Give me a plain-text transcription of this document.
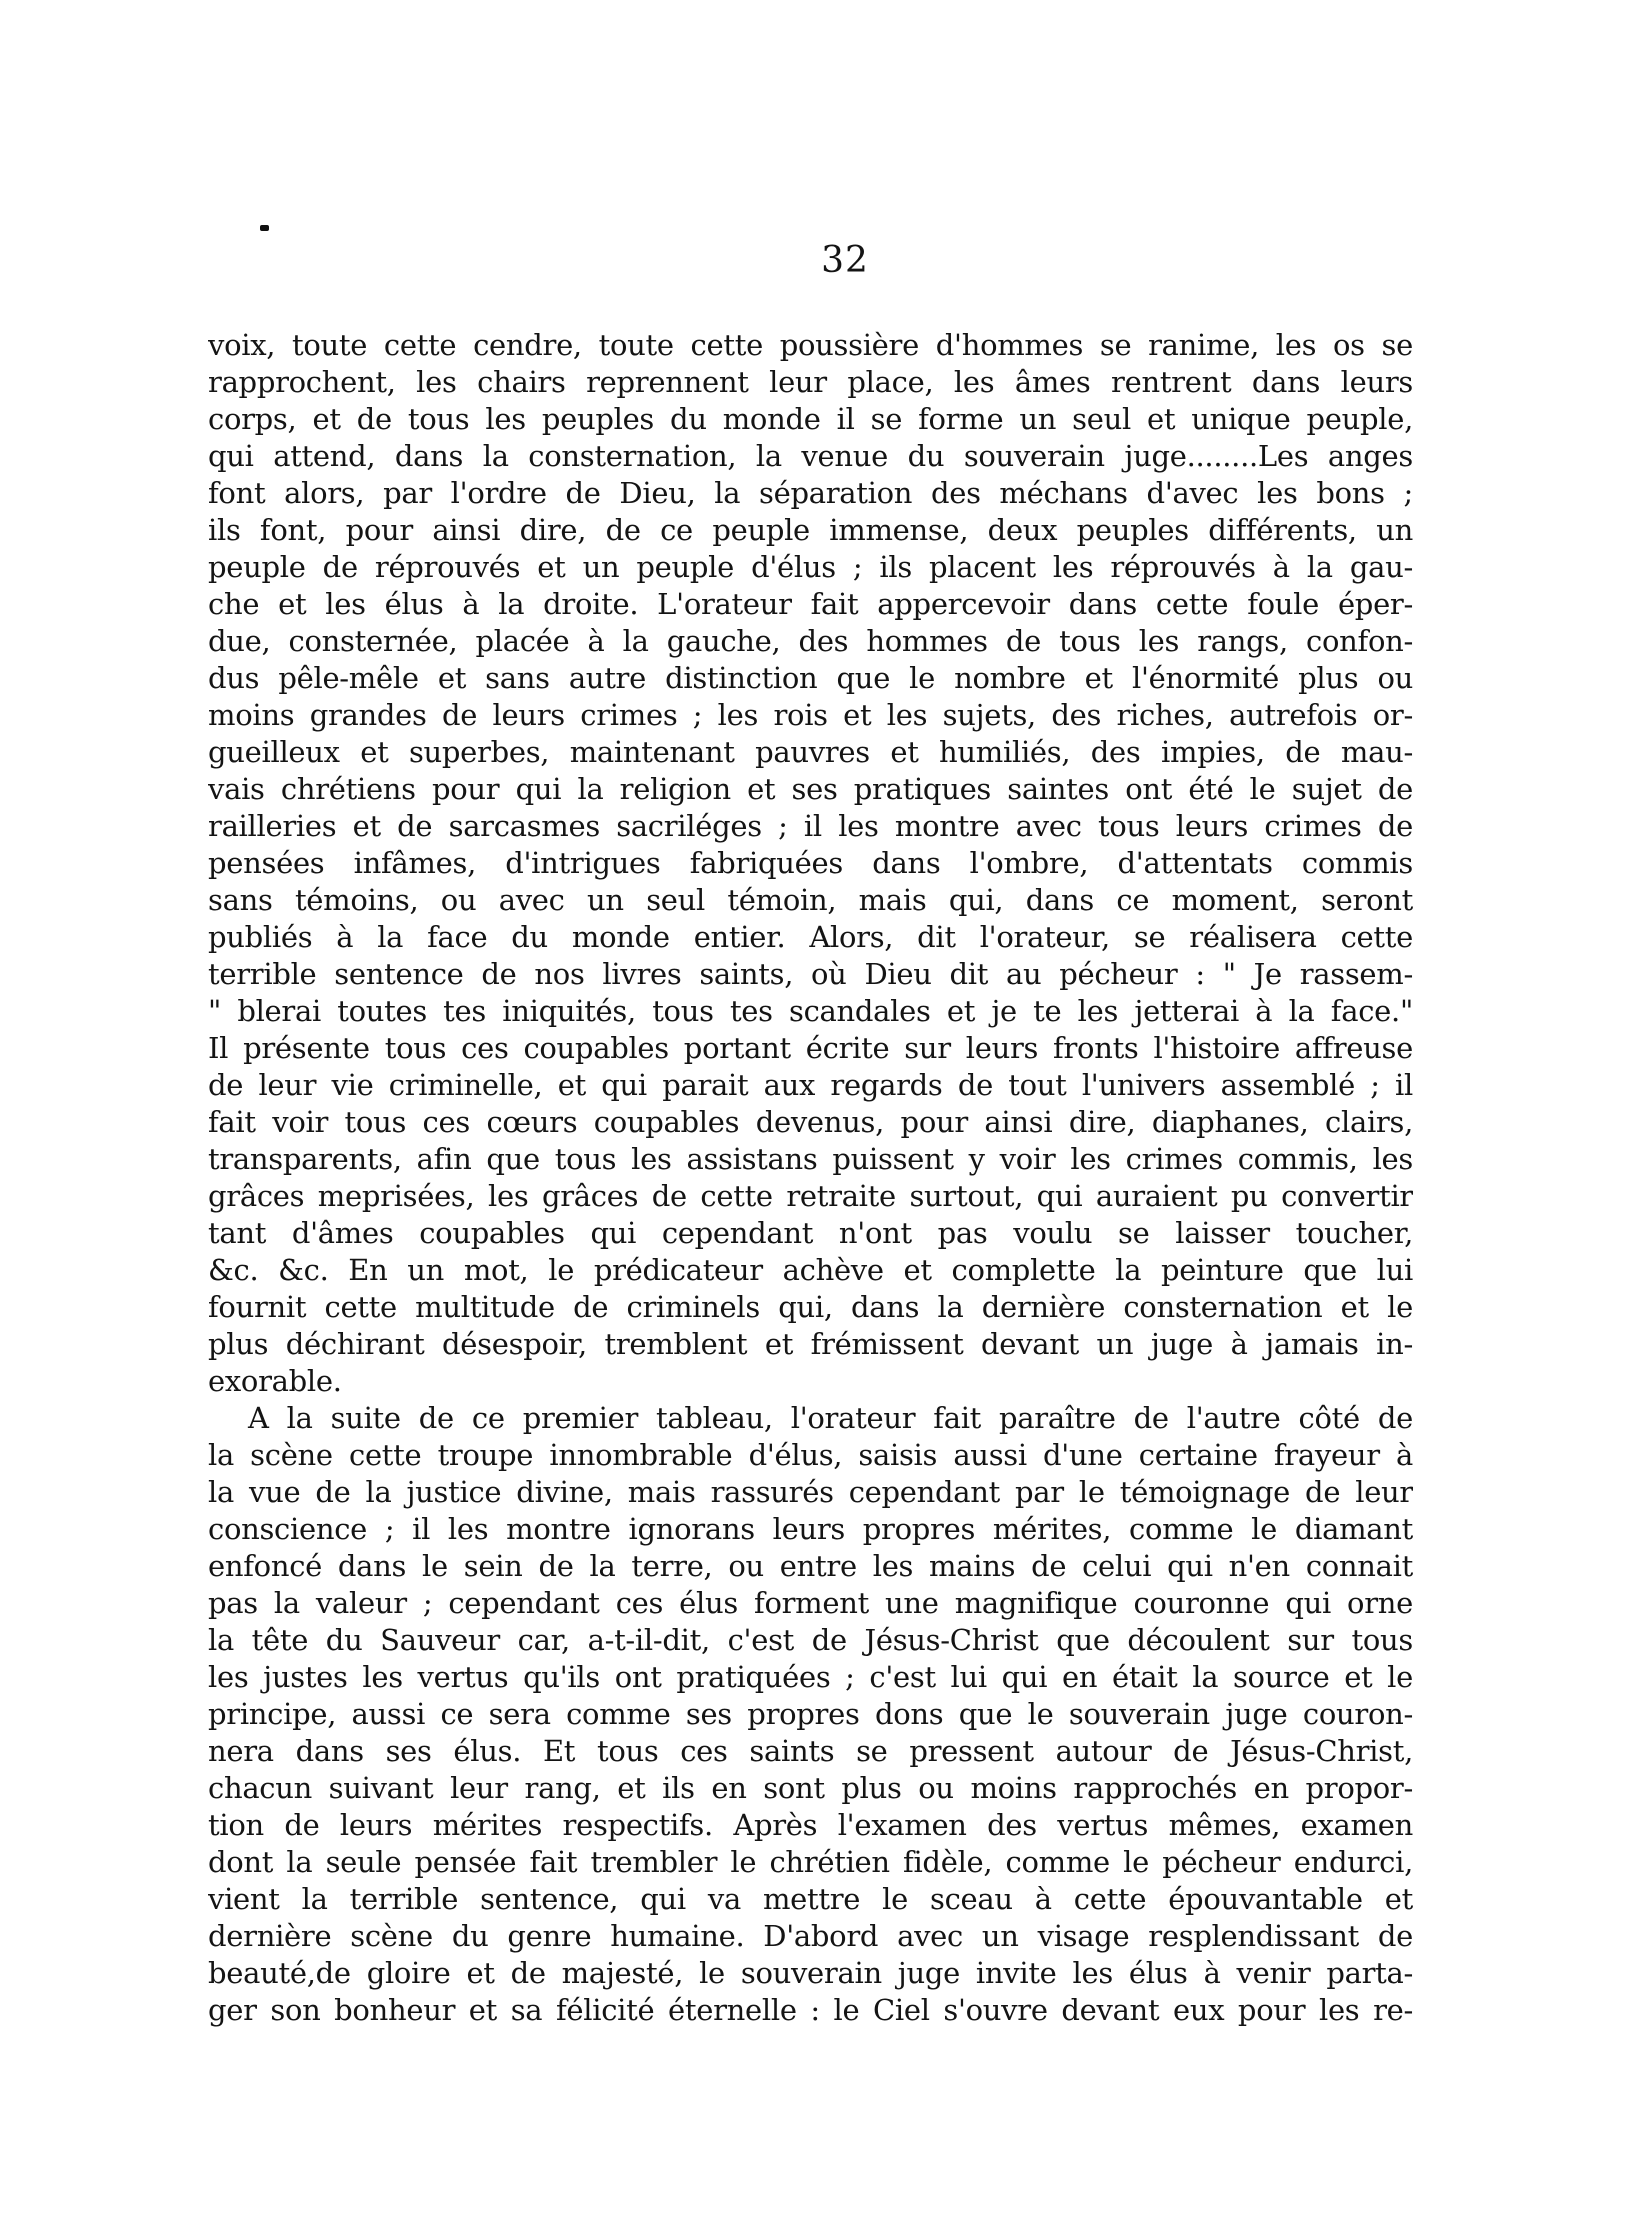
32
voix, toute cette cendre, toute cette poussière d'hommes se ranime, les os se
rapprochent, les chairs reprennent leur place, les âmes rentrent dans leurs
corps, et de tous les peuples du monde il se forme un seul et unique peuple,
qui attend, dans la consternation, la venue du souverain juge........Les anges
font alors, par l'ordre de Dieu, la séparation des méchans d'avec les bons ;
ils font, pour ainsi dire, de ce peuple immense, deux peuples différents, un
peuple de réprouvés et un peuple d'élus ; ils placent les réprouvés à la gau-
che et les élus à la droite. L'orateur fait appercevoir dans cette foule éper-
due, consternée, placée à la gauche, des hommes de tous les rangs, confon-
dus pêle-mêle et sans autre distinction que le nombre et l'énormité plus ou
moins grandes de leurs crimes ; les rois et les sujets, des riches, autrefois or-
gueilleux et superbes, maintenant pauvres et humiliés, des impies, de mau-
vais chrétiens pour qui la religion et ses pratiques saintes ont été le sujet de
railleries et de sarcasmes sacriléges ; il les montre avec tous leurs crimes de
pensées infâmes, d'intrigues fabriquées dans l'ombre, d'attentats commis
sans témoins, ou avec un seul témoin, mais qui, dans ce moment, seront
publiés à la face du monde entier. Alors, dit l'orateur, se réalisera cette
terrible sentence de nos livres saints, où Dieu dit au pécheur : " Je rassem-
" blerai toutes tes iniquités, tous tes scandales et je te les jetterai à la face."
Il présente tous ces coupables portant écrite sur leurs fronts l'histoire affreuse
de leur vie criminelle, et qui parait aux regards de tout l'univers assemblé ; il
fait voir tous ces cœurs coupables devenus, pour ainsi dire, diaphanes, clairs,
transparents, afin que tous les assistans puissent y voir les crimes commis, les
grâces meprisées, les grâces de cette retraite surtout, qui auraient pu convertir
tant d'âmes coupables qui cependant n'ont pas voulu se laisser toucher,
&c. &c. En un mot, le prédicateur achève et complette la peinture que lui
fournit cette multitude de criminels qui, dans la dernière consternation et le
plus déchirant désespoir, tremblent et frémissent devant un juge à jamais in-
exorable.
A la suite de ce premier tableau, l'orateur fait paraître de l'autre côté de
la scène cette troupe innombrable d'élus, saisis aussi d'une certaine frayeur à
la vue de la justice divine, mais rassurés cependant par le témoignage de leur
conscience ; il les montre ignorans leurs propres mérites, comme le diamant
enfoncé dans le sein de la terre, ou entre les mains de celui qui n'en connait
pas la valeur ; cependant ces élus forment une magnifique couronne qui orne
la tête du Sauveur car, a-t-il-dit, c'est de Jésus-Christ que découlent sur tous
les justes les vertus qu'ils ont pratiquées ; c'est lui qui en était la source et le
principe, aussi ce sera comme ses propres dons que le souverain juge couron-
nera dans ses élus. Et tous ces saints se pressent autour de Jésus-Christ,
chacun suivant leur rang, et ils en sont plus ou moins rapprochés en propor-
tion de leurs mérites respectifs. Après l'examen des vertus mêmes, examen
dont la seule pensée fait trembler le chrétien fidèle, comme le pécheur endurci,
vient la terrible sentence, qui va mettre le sceau à cette épouvantable et
dernière scène du genre humaine. D'abord avec un visage resplendissant de
beauté,de gloire et de majesté, le souverain juge invite les élus à venir parta-
ger son bonheur et sa félicité éternelle : le Ciel s'ouvre devant eux pour les re-
